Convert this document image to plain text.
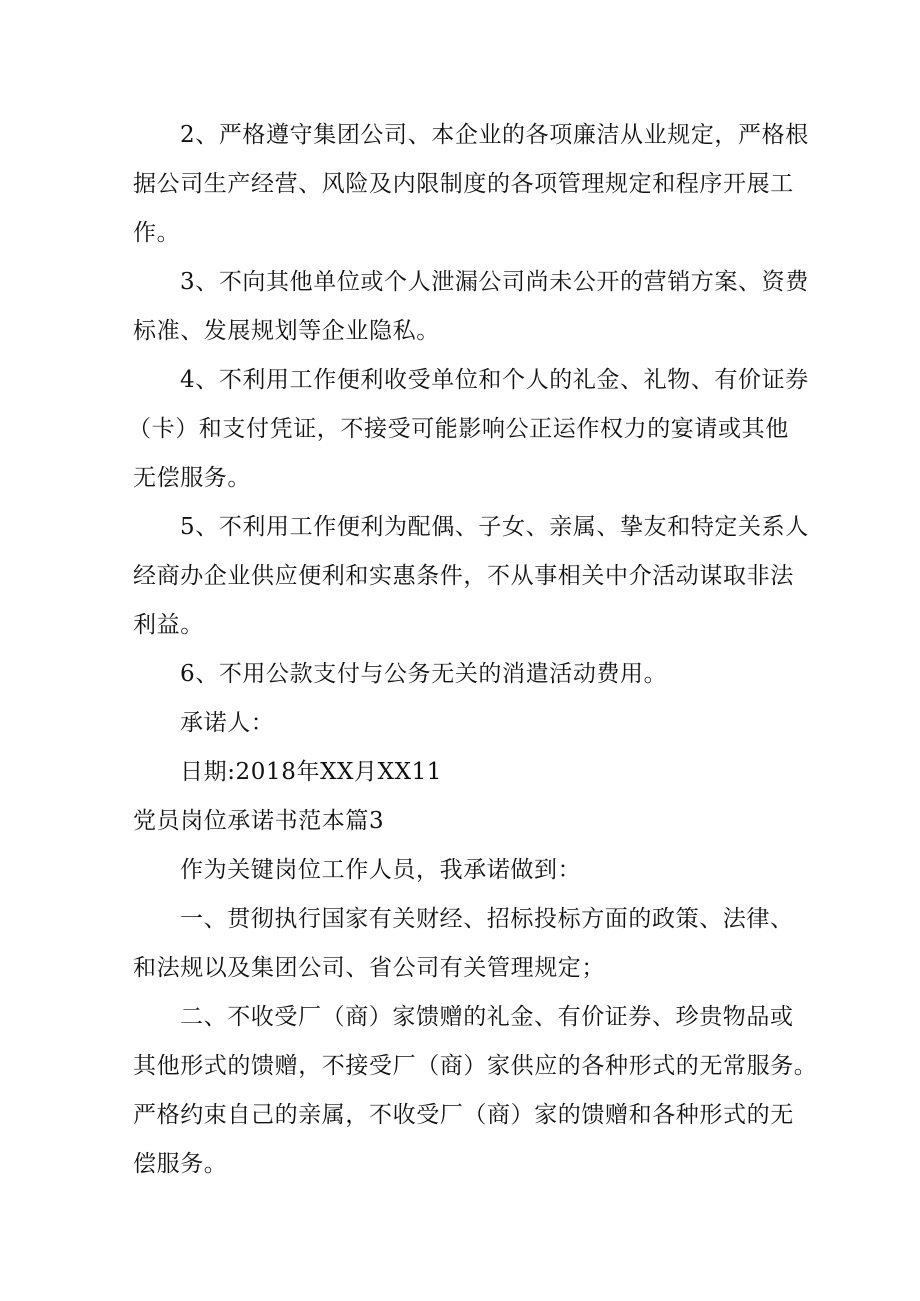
2、严格遵守集团公司、本企业的各项廉洁从业规定，严格根
据公司生产经营、风险及内限制度的各项管理规定和程序开展工
作。
3、不向其他单位或个人泄漏公司尚未公开的营销方案、资费
标准、发展规划等企业隐私。
4、不利用工作便利收受单位和个人的礼金、礼物、有价证券
（卡）和支付凭证，不接受可能影响公正运作权力的宴请或其他
无偿服务。
5、不利用工作便利为配偶、子女、亲属、挚友和特定关系人
经商办企业供应便利和实惠条件，不从事相关中介活动谋取非法
利益。
6、不用公款支付与公务无关的消遣活动费用。
承诺人：
日期:2018年XX月XX11
党员岗位承诺书范本篇3
作为关键岗位工作人员，我承诺做到：
一、贯彻执行国家有关财经、招标投标方面的政策、法律、
和法规以及集团公司、省公司有关管理规定；
二、不收受厂（商）家馈赠的礼金、有价证券、珍贵物品或
其他形式的馈赠，不接受厂（商）家供应的各种形式的无常服务。
严格约束自己的亲属，不收受厂（商）家的馈赠和各种形式的无
偿服务。
